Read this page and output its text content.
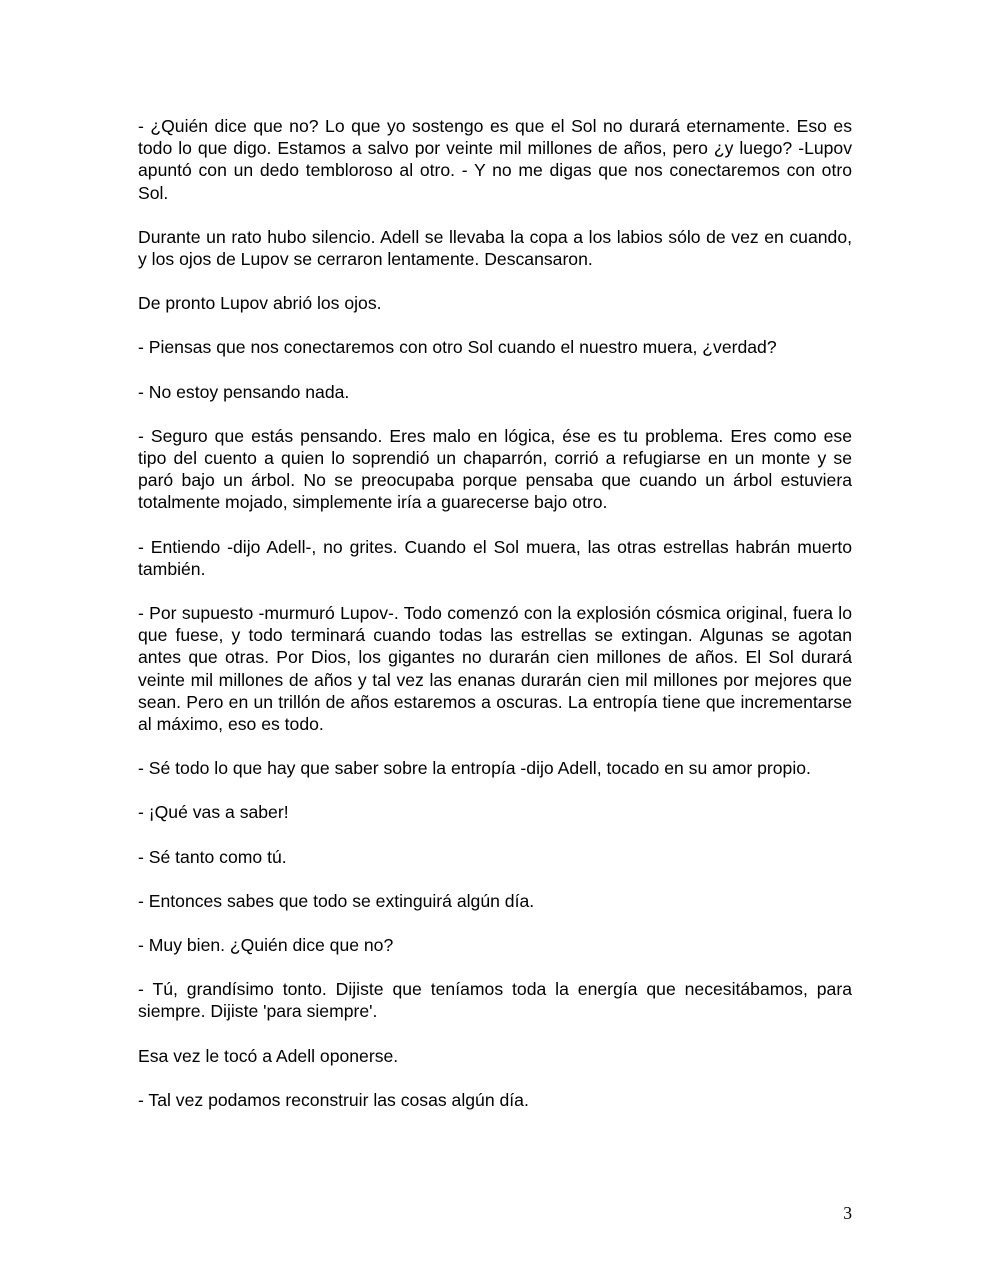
- ¿Quién dice que no? Lo que yo sostengo es que el Sol no durará eternamente. Eso es todo lo que digo. Estamos a salvo por veinte mil millones de años, pero ¿y luego? -Lupov apuntó con un dedo tembloroso al otro. - Y no me digas que nos conectaremos con otro Sol.

Durante un rato hubo silencio. Adell se llevaba la copa a los labios sólo de vez en cuando, y los ojos de Lupov se cerraron lentamente. Descansaron.

De pronto Lupov abrió los ojos.

- Piensas que nos conectaremos con otro Sol cuando el nuestro muera, ¿verdad?

- No estoy pensando nada.

- Seguro que estás pensando. Eres malo en lógica, ése es tu problema. Eres como ese tipo del cuento a quien lo soprendió un chaparrón, corrió a refugiarse en un monte y se paró bajo un árbol. No se preocupaba porque pensaba que cuando un árbol estuviera totalmente mojado, simplemente iría a guarecerse bajo otro.

- Entiendo -dijo Adell-, no grites. Cuando el Sol muera, las otras estrellas habrán muerto también.

- Por supuesto -murmuró Lupov-. Todo comenzó con la explosión cósmica original, fuera lo que fuese, y todo terminará cuando todas las estrellas se extingan. Algunas se agotan antes que otras. Por Dios, los gigantes no durarán cien millones de años. El Sol durará veinte mil millones de años y tal vez las enanas durarán cien mil millones por mejores que sean. Pero en un trillón de años estaremos a oscuras. La entropía tiene que incrementarse al máximo, eso es todo.

- Sé todo lo que hay que saber sobre la entropía -dijo Adell, tocado en su amor propio.

- ¡Qué vas a saber!

- Sé tanto como tú.

- Entonces sabes que todo se extinguirá algún día.

- Muy bien. ¿Quién dice que no?

- Tú, grandísimo tonto. Dijiste que teníamos toda la energía que necesitábamos, para siempre. Dijiste 'para siempre'.

Esa vez le tocó a Adell oponerse.

- Tal vez podamos reconstruir las cosas algún día.

3
